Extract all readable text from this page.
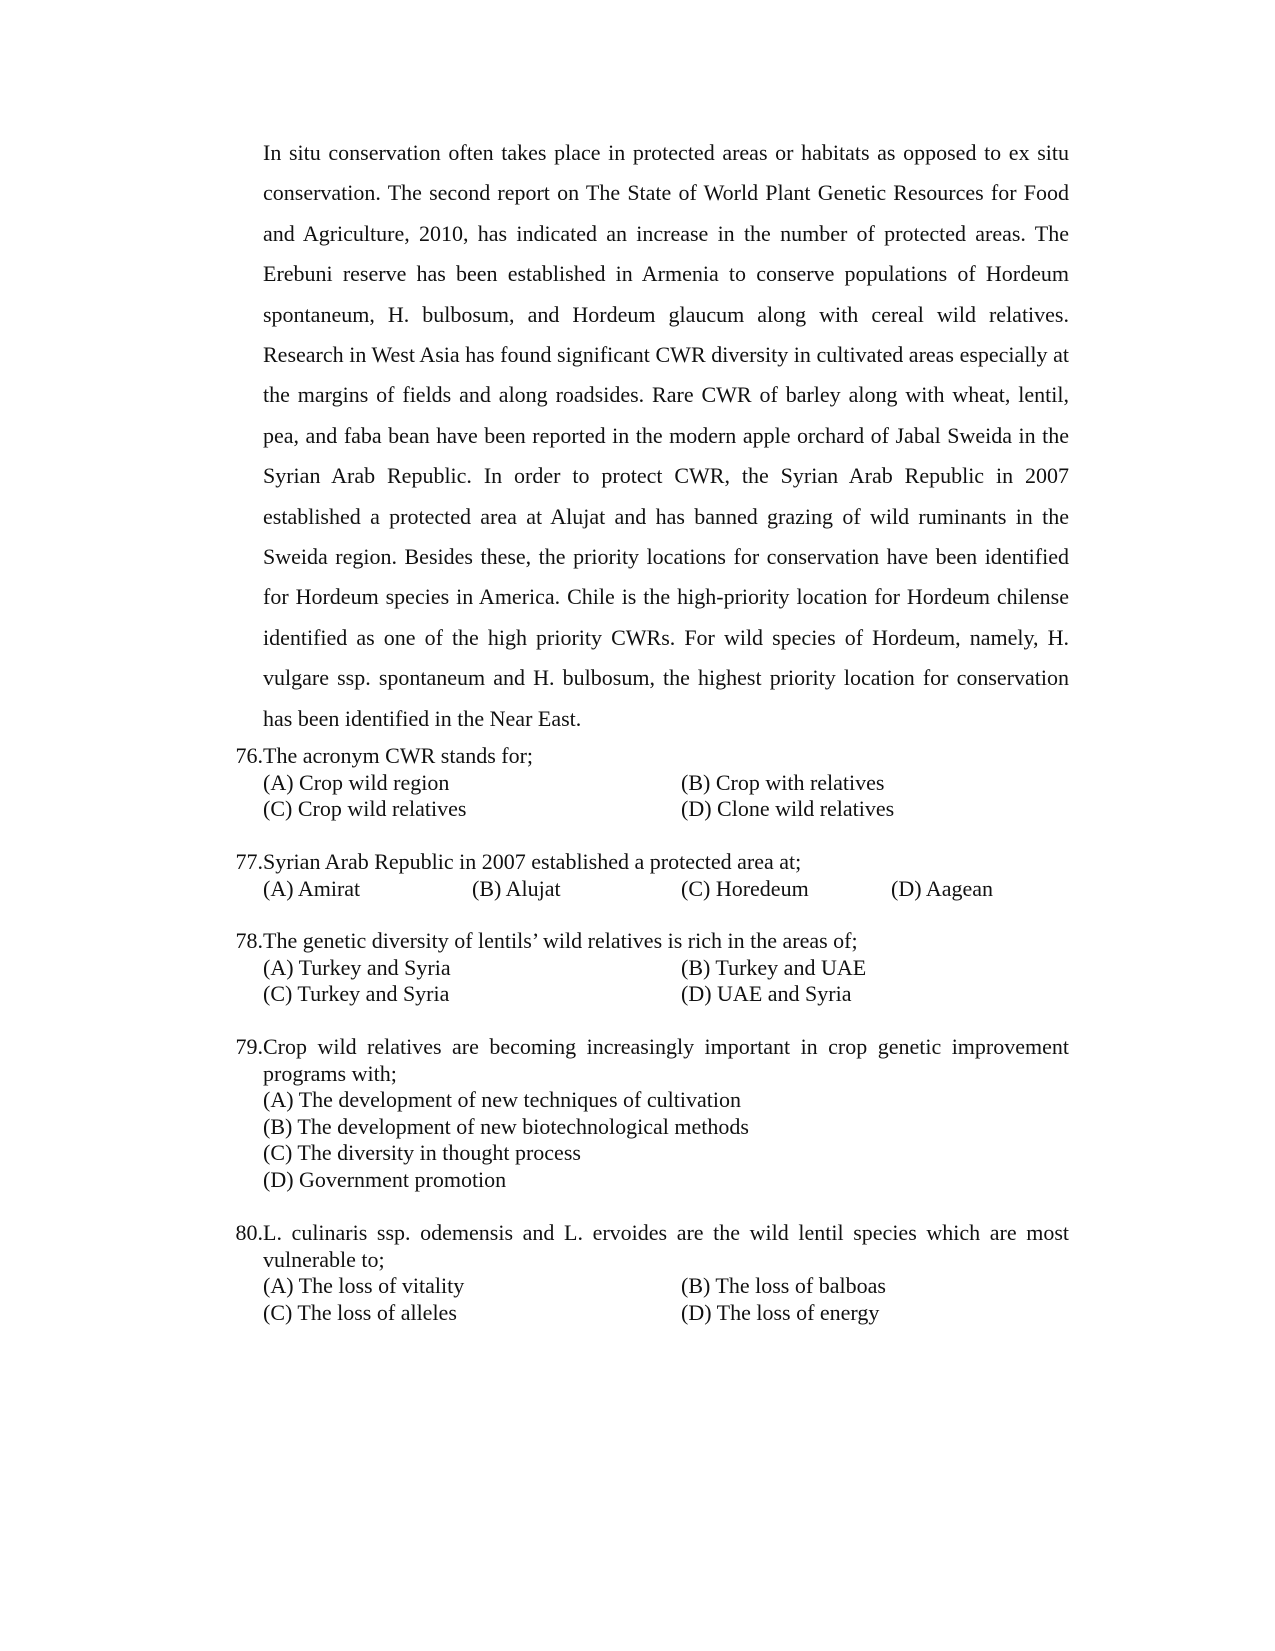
In situ conservation often takes place in protected areas or habitats as opposed to ex situ conservation. The second report on The State of World Plant Genetic Resources for Food and Agriculture, 2010, has indicated an increase in the number of protected areas. The Erebuni reserve has been established in Armenia to conserve populations of Hordeum spontaneum, H. bulbosum, and Hordeum glaucum along with cereal wild relatives. Research in West Asia has found significant CWR diversity in cultivated areas especially at the margins of fields and along roadsides. Rare CWR of barley along with wheat, lentil, pea, and faba bean have been reported in the modern apple orchard of Jabal Sweida in the Syrian Arab Republic. In order to protect CWR, the Syrian Arab Republic in 2007 established a protected area at Alujat and has banned grazing of wild ruminants in the Sweida region. Besides these, the priority locations for conservation have been identified for Hordeum species in America. Chile is the high-priority location for Hordeum chilense identified as one of the high priority CWRs. For wild species of Hordeum, namely, H. vulgare ssp. spontaneum and H. bulbosum, the highest priority location for conservation has been identified in the Near East.

76. The acronym CWR stands for;
(A) Crop wild region	(B) Crop with relatives
(C) Crop wild relatives	(D) Clone wild relatives
77. Syrian Arab Republic in 2007 established a protected area at;
(A) Amirat	(B) Alujat	(C) Horedeum	(D) Aagean
78. The genetic diversity of lentils’ wild relatives is rich in the areas of;
(A) Turkey and Syria	(B) Turkey and UAE
(C) Turkey and Syria	(D) UAE and Syria
79. Crop wild relatives are becoming increasingly important in crop genetic improvement programs with;
(A) The development of new techniques of cultivation
(B) The development of new biotechnological methods
(C) The diversity in thought process
(D) Government promotion
80. L. culinaris ssp. odemensis and L. ervoides are the wild lentil species which are most vulnerable to;
(A) The loss of vitality	(B) The loss of balboas
(C) The loss of alleles	(D) The loss of energy
